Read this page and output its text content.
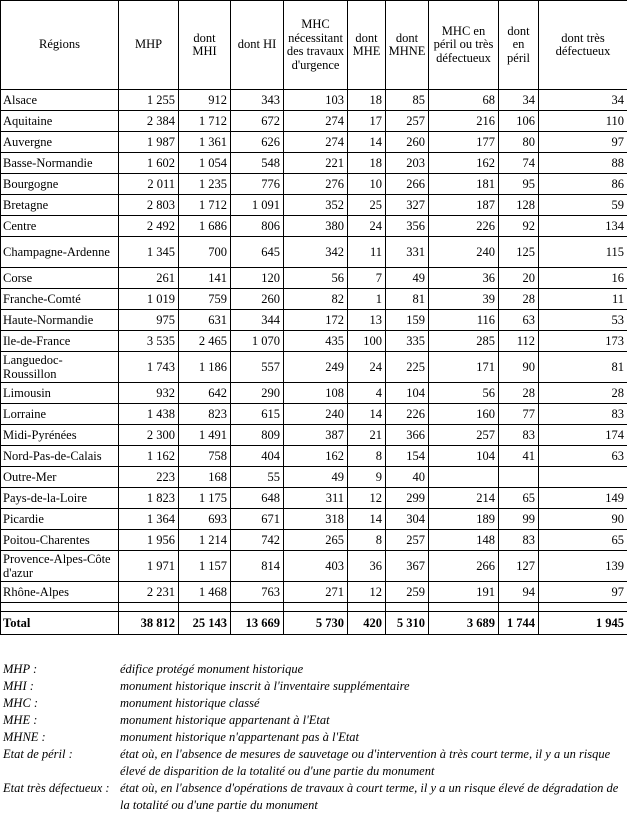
Régions	MHP	dont MHI	dont HI	MHC nécessitant des travaux d'urgence	dont MHE	dont MHNE	MHC en péril ou très défectueux	dont en péril	dont très défectueux
Alsace	1 255	912	343	103	18	85	68	34	34
Aquitaine	2 384	1 712	672	274	17	257	216	106	110
Auvergne	1 987	1 361	626	274	14	260	177	80	97
Basse-Normandie	1 602	1 054	548	221	18	203	162	74	88
Bourgogne	2 011	1 235	776	276	10	266	181	95	86
Bretagne	2 803	1 712	1 091	352	25	327	187	128	59
Centre	2 492	1 686	806	380	24	356	226	92	134
Champagne-Ardenne	1 345	700	645	342	11	331	240	125	115
Corse	261	141	120	56	7	49	36	20	16
Franche-Comté	1 019	759	260	82	1	81	39	28	11
Haute-Normandie	975	631	344	172	13	159	116	63	53
Ile-de-France	3 535	2 465	1 070	435	100	335	285	112	173
Languedoc-Roussillon	1 743	1 186	557	249	24	225	171	90	81
Limousin	932	642	290	108	4	104	56	28	28
Lorraine	1 438	823	615	240	14	226	160	77	83
Midi-Pyrénées	2 300	1 491	809	387	21	366	257	83	174
Nord-Pas-de-Calais	1 162	758	404	162	8	154	104	41	63
Outre-Mer	223	168	55	49	9	40			
Pays-de-la-Loire	1 823	1 175	648	311	12	299	214	65	149
Picardie	1 364	693	671	318	14	304	189	99	90
Poitou-Charentes	1 956	1 214	742	265	8	257	148	83	65
Provence-Alpes-Côte d'azur	1 971	1 157	814	403	36	367	266	127	139
Rhône-Alpes	2 231	1 468	763	271	12	259	191	94	97

Total	38 812	25 143	13 669	5 730	420	5 310	3 689	1 744	1 945
MHP :	édifice protégé monument historique
MHI :	monument historique inscrit à l'inventaire supplémentaire
MHC :	monument historique classé
MHE :	monument historique appartenant à l'Etat
MHNE :	monument historique n'appartenant pas à l'Etat
Etat de péril :	état où, en l'absence de mesures de sauvetage ou d'intervention à très court terme, il y a un risque élevé de disparition de la totalité ou d'une partie du monument
Etat très défectueux : état où, en l'absence d'opérations de travaux à court terme, il y a un risque élevé de dégradation de la totalité ou d'une partie du monument
